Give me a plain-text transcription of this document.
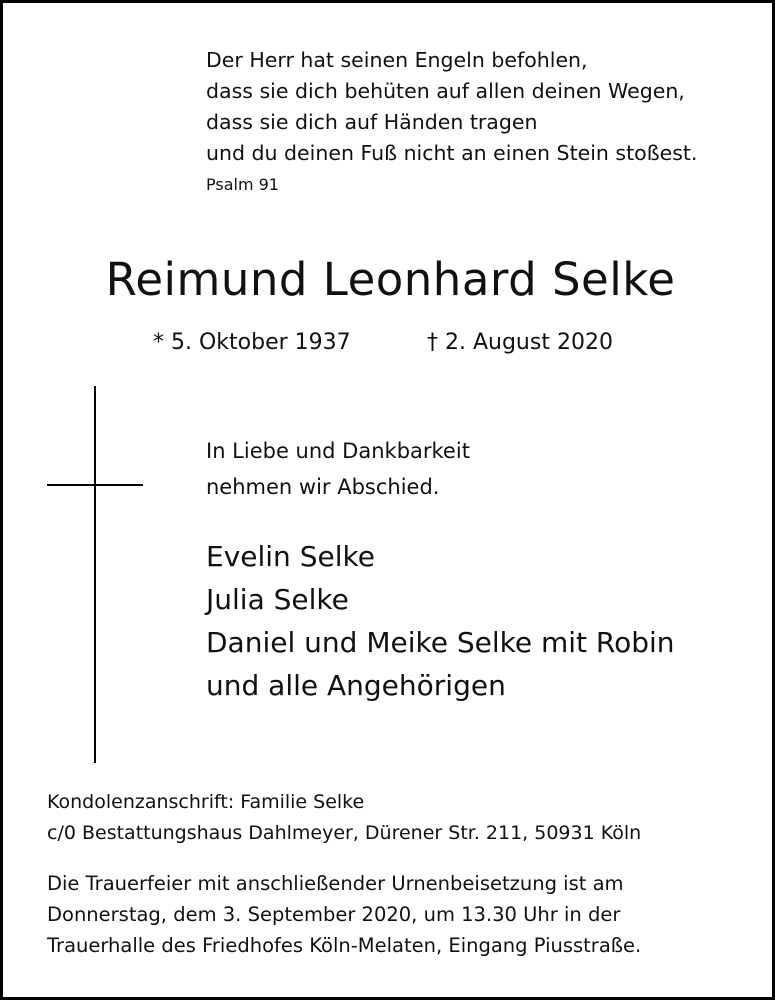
Der Herr hat seinen Engeln befohlen,
dass sie dich behüten auf allen deinen Wegen,
dass sie dich auf Händen tragen
und du deinen Fuß nicht an einen Stein stoßest.
Psalm 91
Reimund Leonhard Selke
* 5. Oktober 1937	† 2. August 2020
In Liebe und Dankbarkeit
nehmen wir Abschied.
Evelin Selke
Julia Selke
Daniel und Meike Selke mit Robin
und alle Angehörigen
Kondolenzanschrift: Familie Selke
c/0 Bestattungshaus Dahlmeyer, Dürener Str. 211, 50931 Köln
Die Trauerfeier mit anschließender Urnenbeisetzung ist am
Donnerstag, dem 3. September 2020, um 13.30 Uhr in der
Trauerhalle des Friedhofes Köln-Melaten, Eingang Piusstraße.
